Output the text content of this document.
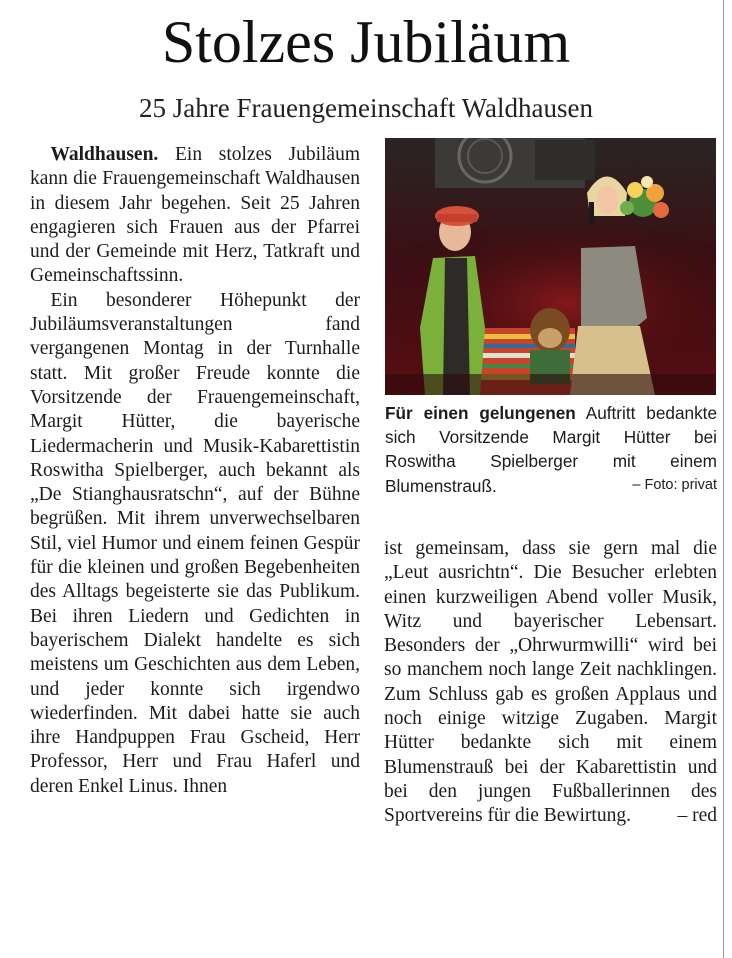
Stolzes Jubiläum
25 Jahre Frauengemeinschaft Waldhausen

Waldhausen. Ein stolzes Jubiläum kann die Frauengemeinschaft Waldhausen in diesem Jahr begehen. Seit 25 Jahren engagieren sich Frauen aus der Pfarrei und der Gemeinde mit Herz, Tatkraft und Gemeinschaftssinn.

Ein besonderer Höhepunkt der Jubiläumsveranstaltungen fand vergangenen Montag in der Turnhalle statt. Mit großer Freude konnte die Vorsitzende der Frauengemeinschaft, Margit Hütter, die bayerische Liedermacherin und Musik-Kabarettistin Roswitha Spielberger, auch bekannt als „De Stianghausratschn“, auf der Bühne begrüßen. Mit ihrem unverwechselbaren Stil, viel Humor und einem feinen Gespür für die kleinen und großen Begebenheiten des Alltags begeisterte sie das Publikum. Bei ihren Liedern und Gedichten in bayerischem Dialekt handelte es sich meistens um Geschichten aus dem Leben, und jeder konnte sich irgendwo wiederfinden. Mit dabei hatte sie auch ihre Handpuppen Frau Gscheid, Herr Professor, Herr und Frau Haferl und deren Enkel Linus. Ihnen

Für einen gelungenen Auftritt bedankte sich Vorsitzende Margit Hütter bei Roswitha Spielberger mit einem Blumenstrauß.	– Foto: privat

ist gemeinsam, dass sie gern mal die „Leut ausrichtn“. Die Besucher erlebten einen kurzweiligen Abend voller Musik, Witz und bayerischer Lebensart. Besonders der „Ohrwurmwilli“ wird bei so manchem noch lange Zeit nachklingen. Zum Schluss gab es großen Applaus und noch einige witzige Zugaben. Margit Hütter bedankte sich mit einem Blumenstrauß bei der Kabarettistin und bei den jungen Fußballerinnen des Sportvereins für die Bewirtung. – red
